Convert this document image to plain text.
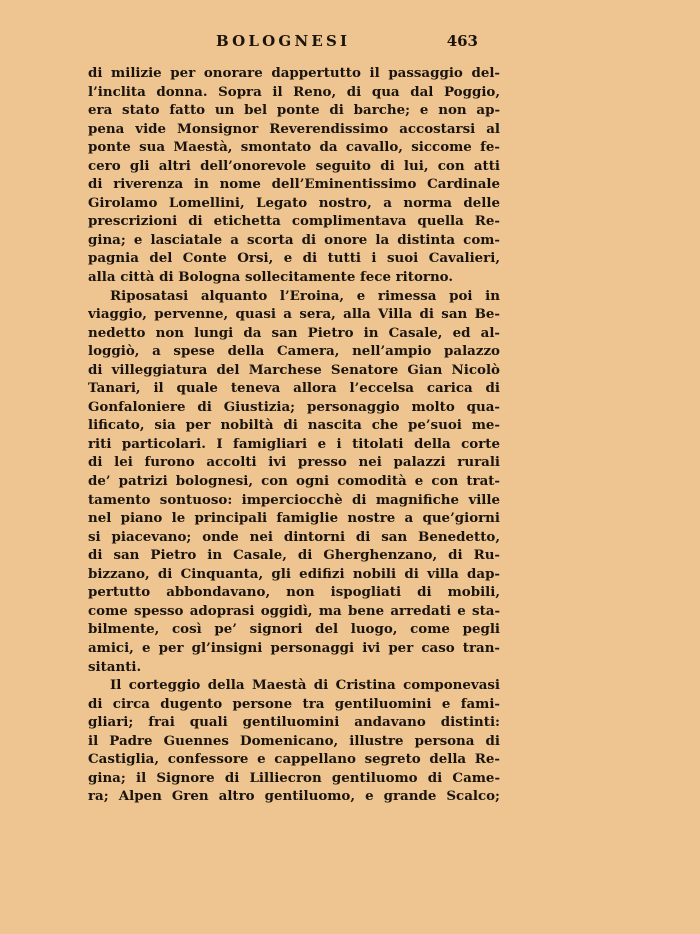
BOLOGNESI	463
di milizie per onorare dappertutto il passaggio del-
l’inclita donna. Sopra il Reno, di qua dal Poggio,
era stato fatto un bel ponte di barche; e non ap-
pena vide Monsignor Reverendissimo accostarsi al
ponte sua Maestà, smontato da cavallo, siccome fe-
cero gli altri dell’onorevole seguito di lui, con atti
di riverenza in nome dell’Eminentissimo Cardinale
Girolamo Lomellini, Legato nostro, a norma delle
prescrizioni di etichetta complimentava quella Re-
gina; e lasciatale a scorta di onore la distinta com-
pagnia del Conte Orsi, e di tutti i suoi Cavalieri,
alla città di Bologna sollecitamente fece ritorno.
Riposatasi alquanto l’Eroina, e rimessa poi in
viaggio, pervenne, quasi a sera, alla Villa di san Be-
nedetto non lungi da san Pietro in Casale, ed al-
loggiò, a spese della Camera, nell’ampio palazzo
di villeggiatura del Marchese Senatore Gian Nicolò
Tanari, il quale teneva allora l’eccelsa carica di
Gonfaloniere di Giustizia; personaggio molto qua-
lificato, sia per nobiltà di nascita che pe’suoi me-
riti particolari. I famigliari e i titolati della corte
di lei furono accolti ivi presso nei palazzi rurali
de’ patrizi bolognesi, con ogni comodità e con trat-
tamento sontuoso: imperciocchè di magnifiche ville
nel piano le principali famiglie nostre a que’giorni
si piacevano; onde nei dintorni di san Benedetto,
di san Pietro in Casale, di Gherghenzano, di Ru-
bizzano, di Cinquanta, gli edifizi nobili di villa dap-
pertutto abbondavano, non ispogliati di mobili,
come spesso adoprasi oggidì, ma bene arredati e sta-
bilmente, così pe’ signori del luogo, come pegli
amici, e per gl’insigni personaggi ivi per caso tran-
sitanti.
Il corteggio della Maestà di Cristina componevasi
di circa dugento persone tra gentiluomini e fami-
gliari; frai quali gentiluomini andavano distinti:
il Padre Guennes Domenicano, illustre persona di
Castiglia, confessore e cappellano segreto della Re-
gina; il Signore di Lilliecron gentiluomo di Came-
ra; Alpen Gren altro gentiluomo, e grande Scalco;
